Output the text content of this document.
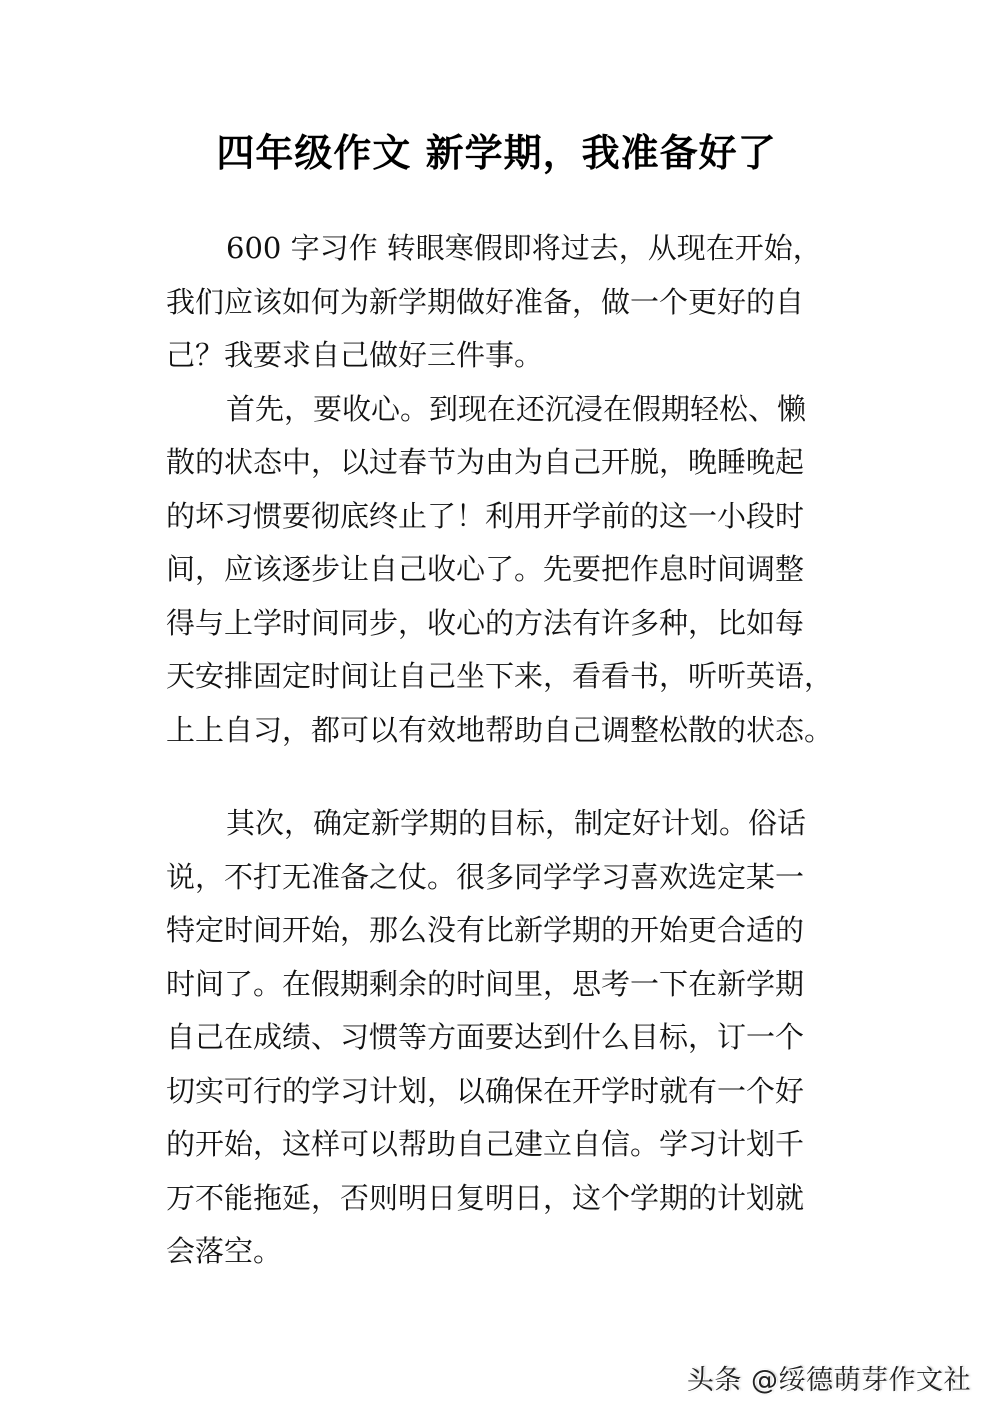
四年级作文 新学期，我准备好了
600 字习作 转眼寒假即将过去，从现在开始，
我们应该如何为新学期做好准备，做一个更好的自
己？我要求自己做好三件事。
首先，要收心。到现在还沉浸在假期轻松、懒
散的状态中，以过春节为由为自己开脱，晚睡晚起
的坏习惯要彻底终止了！利用开学前的这一小段时
间，应该逐步让自己收心了。先要把作息时间调整
得与上学时间同步，收心的方法有许多种，比如每
天安排固定时间让自己坐下来，看看书，听听英语，
上上自习，都可以有效地帮助自己调整松散的状态。
其次，确定新学期的目标，制定好计划。俗话
说，不打无准备之仗。很多同学学习喜欢选定某一
特定时间开始，那么没有比新学期的开始更合适的
时间了。在假期剩余的时间里，思考一下在新学期
自己在成绩、习惯等方面要达到什么目标，订一个
切实可行的学习计划，以确保在开学时就有一个好
的开始，这样可以帮助自己建立自信。学习计划千
万不能拖延，否则明日复明日，这个学期的计划就
会落空。
头条 @绥德萌芽作文社
